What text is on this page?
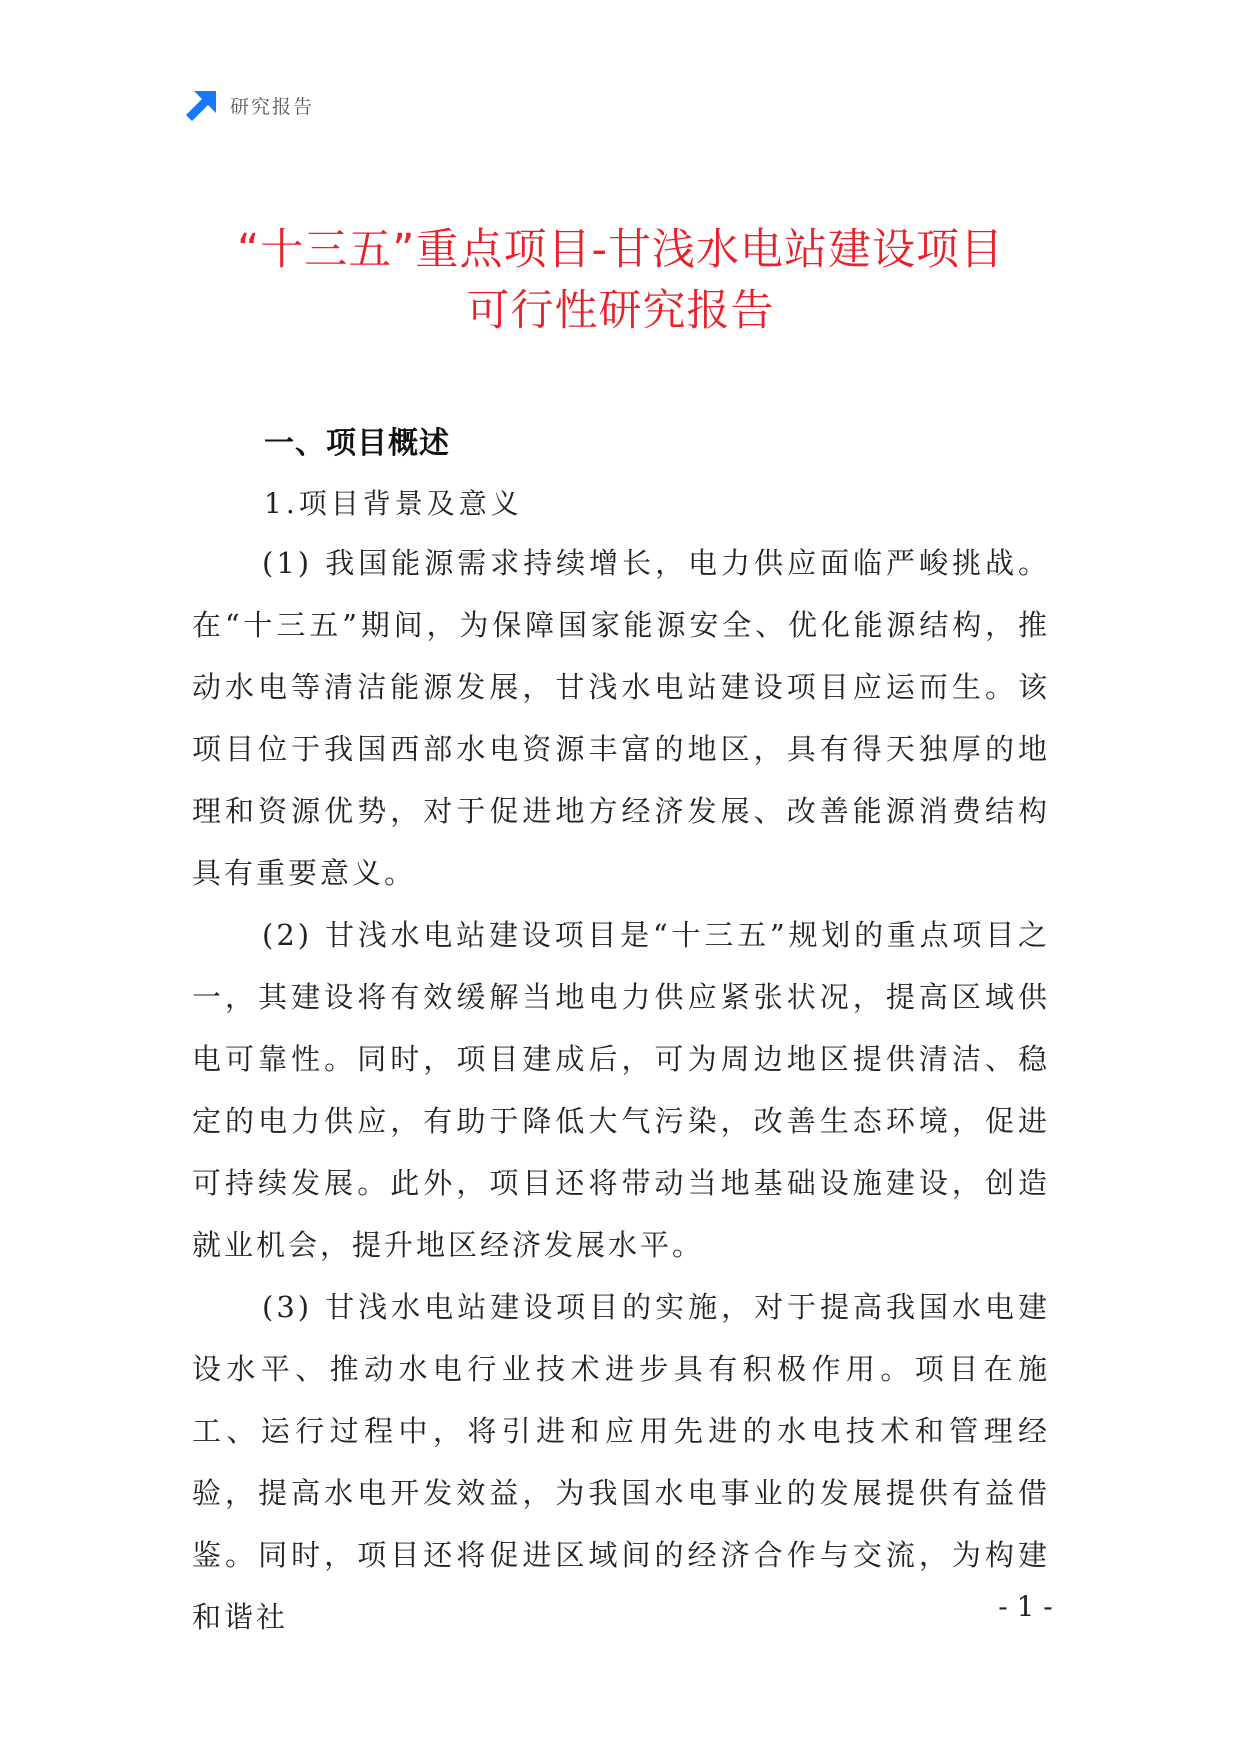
研究报告
“十三五”重点项目-甘浅水电站建设项目
可行性研究报告
一、项目概述
1.项目背景及意义

(1) 我国能源需求持续增长，电力供应面临严峻挑战。在“十三五”期间，为保障国家能源安全、优化能源结构，推动水电等清洁能源发展，甘浅水电站建设项目应运而生。该项目位于我国西部水电资源丰富的地区，具有得天独厚的地理和资源优势，对于促进地方经济发展、改善能源消费结构具有重要意义。

(2) 甘浅水电站建设项目是“十三五”规划的重点项目之一，其建设将有效缓解当地电力供应紧张状况，提高区域供电可靠性。同时，项目建成后，可为周边地区提供清洁、稳定的电力供应，有助于降低大气污染，改善生态环境，促进可持续发展。此外，项目还将带动当地基础设施建设，创造就业机会，提升地区经济发展水平。

(3) 甘浅水电站建设项目的实施，对于提高我国水电建设水平、推动水电行业技术进步具有积极作用。项目在施工、运行过程中，将引进和应用先进的水电技术和管理经验，提高水电开发效益，为我国水电事业的发展提供有益借鉴。同时，项目还将促进区域间的经济合作与交流，为构建和谐社	- 1 -
